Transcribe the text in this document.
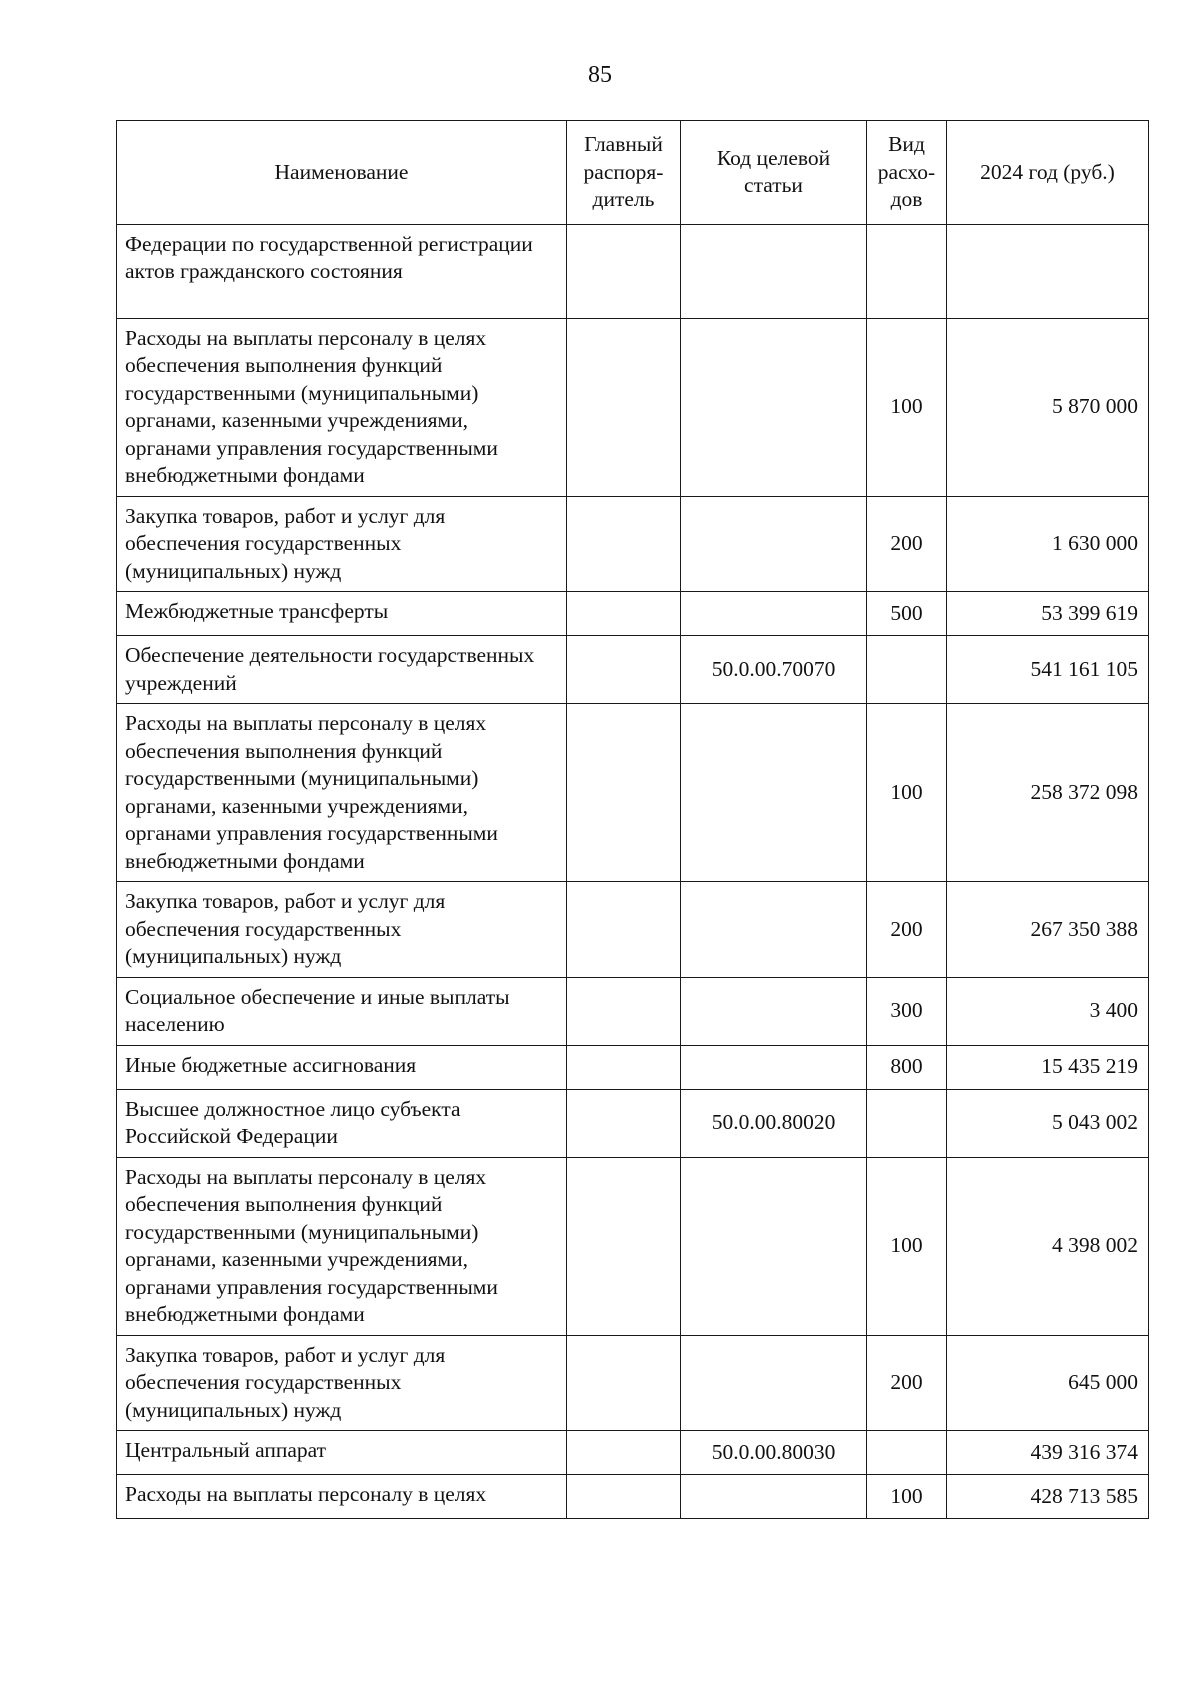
85
Наименование	Главный распоря-дитель	Код целевой статьи	Вид расхо-дов	2024 год (руб.)
Федерации по государственной регистрации актов гражданского состояния				
Расходы на выплаты персоналу в целях обеспечения выполнения функций государственными (муниципальными) органами, казенными учреждениями, органами управления государственными внебюджетными фондами			100	5 870 000
Закупка товаров, работ и услуг для обеспечения государственных (муниципальных) нужд			200	1 630 000
Межбюджетные трансферты			500	53 399 619
Обеспечение деятельности государственных учреждений		50.0.00.70070		541 161 105
Расходы на выплаты персоналу в целях обеспечения выполнения функций государственными (муниципальными) органами, казенными учреждениями, органами управления государственными внебюджетными фондами			100	258 372 098
Закупка товаров, работ и услуг для обеспечения государственных (муниципальных) нужд			200	267 350 388
Социальное обеспечение и иные выплаты населению			300	3 400
Иные бюджетные ассигнования			800	15 435 219
Высшее должностное лицо субъекта Российской Федерации		50.0.00.80020		5 043 002
Расходы на выплаты персоналу в целях обеспечения выполнения функций государственными (муниципальными) органами, казенными учреждениями, органами управления государственными внебюджетными фондами			100	4 398 002
Закупка товаров, работ и услуг для обеспечения государственных (муниципальных) нужд			200	645 000
Центральный аппарат		50.0.00.80030		439 316 374
Расходы на выплаты персоналу в целях			100	428 713 585
